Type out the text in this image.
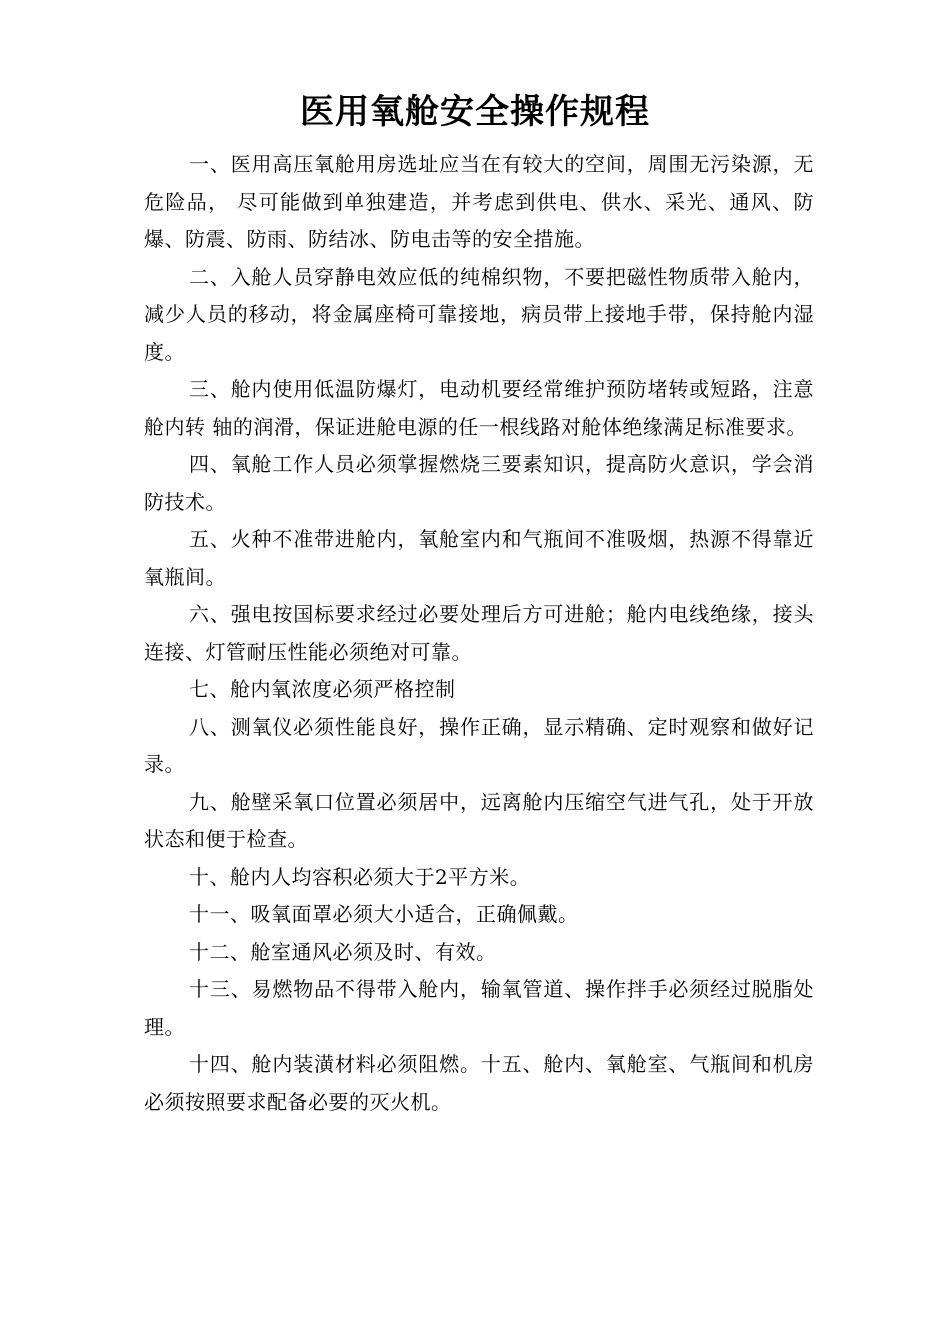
医用氧舱安全操作规程

一、医用高压氧舱用房选址应当在有较大的空间，周围无污染源，无危险品， 尽可能做到单独建造，并考虑到供电、供水、采光、通风、防爆、防震、防雨、防结冰、防电击等的安全措施。

二、入舱人员穿静电效应低的纯棉织物，不要把磁性物质带入舱内，减少人员的移动，将金属座椅可靠接地，病员带上接地手带，保持舱内湿度。

三、舱内使用低温防爆灯，电动机要经常维护预防堵转或短路，注意舱内转 轴的润滑，保证进舱电源的任一根线路对舱体绝缘满足标准要求。

四、氧舱工作人员必须掌握燃烧三要素知识，提高防火意识，学会消防技术。

五、火种不准带进舱内，氧舱室内和气瓶间不准吸烟，热源不得靠近氧瓶间。

六、强电按国标要求经过必要处理后方可进舱；舱内电线绝缘，接头连接、灯管耐压性能必须绝对可靠。

七、舱内氧浓度必须严格控制

八、测氧仪必须性能良好，操作正确，显示精确、定时观察和做好记录。

九、舱壁采氧口位置必须居中，远离舱内压缩空气进气孔，处于开放状态和便于检查。

十、舱内人均容积必须大于2平方米。

十一、吸氧面罩必须大小适合，正确佩戴。

十二、舱室通风必须及时、有效。

十三、易燃物品不得带入舱内，输氧管道、操作拌手必须经过脱脂处理。

十四、舱内装潢材料必须阻燃。十五、舱内、氧舱室、气瓶间和机房必须按照要求配备必要的灭火机。
